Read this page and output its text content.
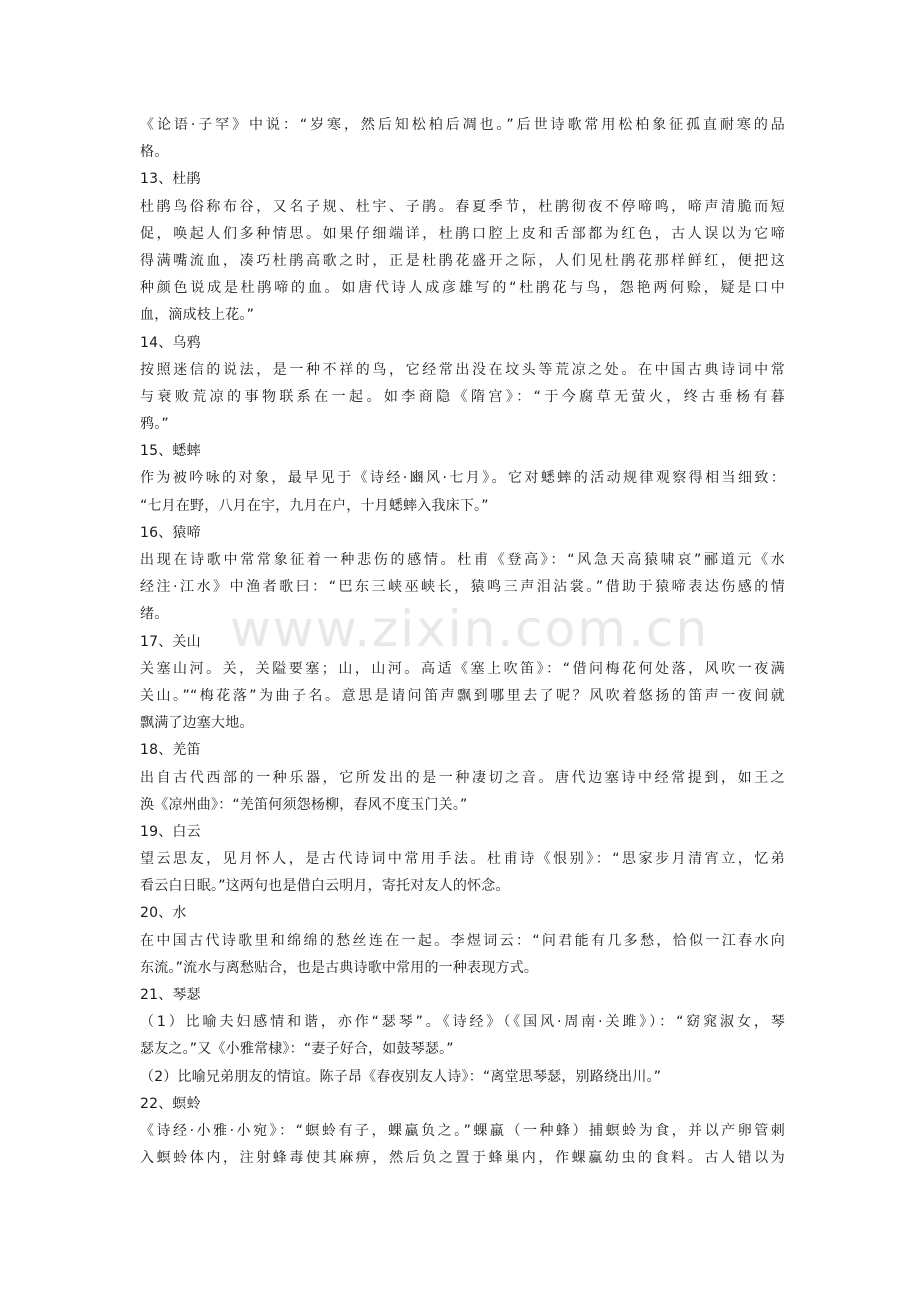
www.zixin.com.cn
《论语·子罕》中说：“岁寒，然后知松柏后凋也。”后世诗歌常用松柏象征孤直耐寒的品
格。
13、杜鹃
杜鹃鸟俗称布谷，又名子规、杜宇、子鹃。春夏季节，杜鹃彻夜不停啼鸣，啼声清脆而短
促，唤起人们多种情思。如果仔细端详，杜鹃口腔上皮和舌部都为红色，古人误以为它啼
得满嘴流血，凑巧杜鹃高歌之时，正是杜鹃花盛开之际，人们见杜鹃花那样鲜红，便把这
种颜色说成是杜鹃啼的血。如唐代诗人成彦雄写的“杜鹃花与鸟，怨艳两何赊，疑是口中
血，滴成枝上花。”
14、乌鸦
按照迷信的说法，是一种不祥的鸟，它经常出没在坟头等荒凉之处。在中国古典诗词中常
与衰败荒凉的事物联系在一起。如李商隐《隋宫》：“于今腐草无萤火，终古垂杨有暮
鸦。”
15、蟋蟀
作为被吟咏的对象，最早见于《诗经·豳风·七月》。它对蟋蟀的活动规律观察得相当细致：
“七月在野，八月在宇，九月在户，十月蟋蟀入我床下。”
16、猿啼
出现在诗歌中常常象征着一种悲伤的感情。杜甫《登高》：“风急天高猿啸哀”郦道元《水
经注·江水》中渔者歌曰：“巴东三峡巫峡长，猿鸣三声泪沾裳。”借助于猿啼表达伤感的情
绪。
17、关山
关塞山河。关，关隘要塞；山，山河。高适《塞上吹笛》：“借问梅花何处落，风吹一夜满
关山。”“梅花落”为曲子名。意思是请问笛声飘到哪里去了呢？风吹着悠扬的笛声一夜间就
飘满了边塞大地。
18、羌笛
出自古代西部的一种乐器，它所发出的是一种凄切之音。唐代边塞诗中经常提到，如王之
涣《凉州曲》：“羌笛何须怨杨柳，春风不度玉门关。”
19、白云
望云思友，见月怀人，是古代诗词中常用手法。杜甫诗《恨别》：“思家步月清宵立，忆弟
看云白日眠。”这两句也是借白云明月，寄托对友人的怀念。
20、水
在中国古代诗歌里和绵绵的愁丝连在一起。李煜词云：“问君能有几多愁，恰似一江春水向
东流。”流水与离愁贴合，也是古典诗歌中常用的一种表现方式。
21、琴瑟
（1）比喻夫妇感情和谐，亦作“瑟琴”。《诗经》（《国风·周南·关雎》）：“窈窕淑女，琴
瑟友之。”又《小雅常棣》：“妻子好合，如鼓琴瑟。”
（2）比喻兄弟朋友的情谊。陈子昂《春夜别友人诗》：“离堂思琴瑟，别路绕出川。”
22、螟蛉
《诗经·小雅·小宛》：“螟蛉有子，蜾蠃负之。”蜾蠃（一种蜂）捕螟蛉为食，并以产卵管刺
入螟蛉体内，注射蜂毒使其麻痹，然后负之置于蜂巢内，作蜾蠃幼虫的食料。古人错以为
